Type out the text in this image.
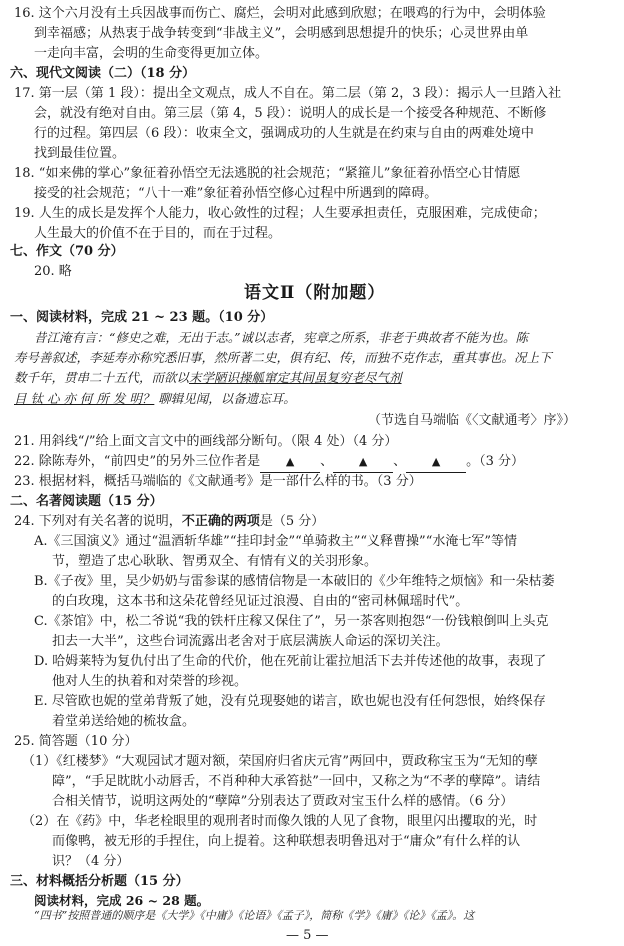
16. 这个六月没有土兵因战事而伤亡、腐烂，会明对此感到欣慰；在喂鸡的行为中，会明体验
到幸福感；从热衷于战争转变到“非战主义”，会明感到思想提升的快乐；心灵世界由单
一走向丰富，会明的生命变得更加立体。
六、现代文阅读（二）（18 分）
17. 第一层（第 1 段）：提出全文观点，成人不自在。第二层（第 2，3 段）：揭示人一旦踏入社
会，就没有绝对自由。第三层（第 4，5 段）：说明人的成长是一个接受各种规范、不断修
行的过程。第四层（6 段）：收束全文，强调成功的人生就是在约束与自由的两难处境中
找到最佳位置。
18. “如来佛的掌心”象征着孙悟空无法逃脱的社会规范；“紧箍儿”象征着孙悟空心甘情愿
接受的社会规范；“八十一难”象征着孙悟空修心过程中所遇到的障碍。
19. 人生的成长是发挥个人能力，收心敛性的过程；人生要承担责任，克服困难，完成使命；
人生最大的价值不在于目的，而在于过程。
七、作文（70 分）
20. 略
语文Ⅱ（附加题）
一、阅读材料，完成 21 ~ 23 题。（10 分）
昔江淹有言：“修史之难，无出于志。”诚以志者，宪章之所系，非老于典故者不能为也。陈
寿号善叙述，李延寿亦称究悉旧事，然所著二史，俱有纪、传，而独不克作志，重其事也。况上下
数千年，贯串二十五代，而欲以末学陋识操觚窜定其间虽复穷老尽气剂
目 钛 心 亦 何 所 发 明？ 聊辑见闻，以备遗忘耳。
（节选自马端临《〈文献通考〉序》）
21. 用斜线“/”给上面文言文中的画线部分断句。（限 4 处）（4 分）
22. 除陈寿外，“前四史”的另外三位作者是 ▲ 、 ▲ 、 ▲ 。（3 分）
23. 根据材料，概括马端临的《文献通考》是一部什么样的书。（3 分）
二、名著阅读题（15 分）
24. 下列对有关名著的说明，不正确的两项是（5 分）
A.《三国演义》通过“温酒斩华雄”“挂印封金”“单骑救主”“义释曹操”“水淹七军”等情
节，塑造了忠心耿耿、智勇双全、有情有义的关羽形象。
B.《子夜》里，吴少奶奶与雷参谋的感情信物是一本破旧的《少年维特之烦恼》和一朵枯萎
的白玫瑰，这本书和这朵花曾经见证过浪漫、自由的“密司林佩瑶时代”。
C.《茶馆》中，松二爷说“我的铁杆庄稼又保住了”，另一茶客则抱怨“一份钱粮倒叫上头克
扣去一大半”，这些台词流露出老舍对于底层满族人命运的深切关注。
D. 哈姆莱特为复仇付出了生命的代价，他在死前让霍拉旭活下去并传述他的故事，表现了
他对人生的执着和对荣誉的珍视。
E. 尽管欧也妮的堂弟背叛了她，没有兑现娶她的诺言，欧也妮也没有任何怨恨，始终保存
着堂弟送给她的梳妆盒。
25. 简答题（10 分）
（1）《红楼梦》“大观园试才题对额，荣国府归省庆元宵”两回中，贾政称宝玉为“无知的孽
障”，“手足眈眈小动唇舌，不肖种种大承笞挞”一回中，又称之为“不孝的孽障”。请结
合相关情节，说明这两处的“孽障”分别表达了贾政对宝玉什么样的感情。（6 分）
（2）在《药》中，华老栓眼里的观刑者时而像久饿的人见了食物，眼里闪出攫取的光，时
而像鸭，被无形的手捏住，向上提着。这种联想表明鲁迅对于“庸众”有什么样的认
识？（4 分）
三、材料概括分析题（15 分）
阅读材料，完成 26 ~ 28 题。
“四书”按照普通的顺序是《大学》《中庸》《论语》《孟子》，简称《学》《庸》《论》《孟》。这
— 5 —
